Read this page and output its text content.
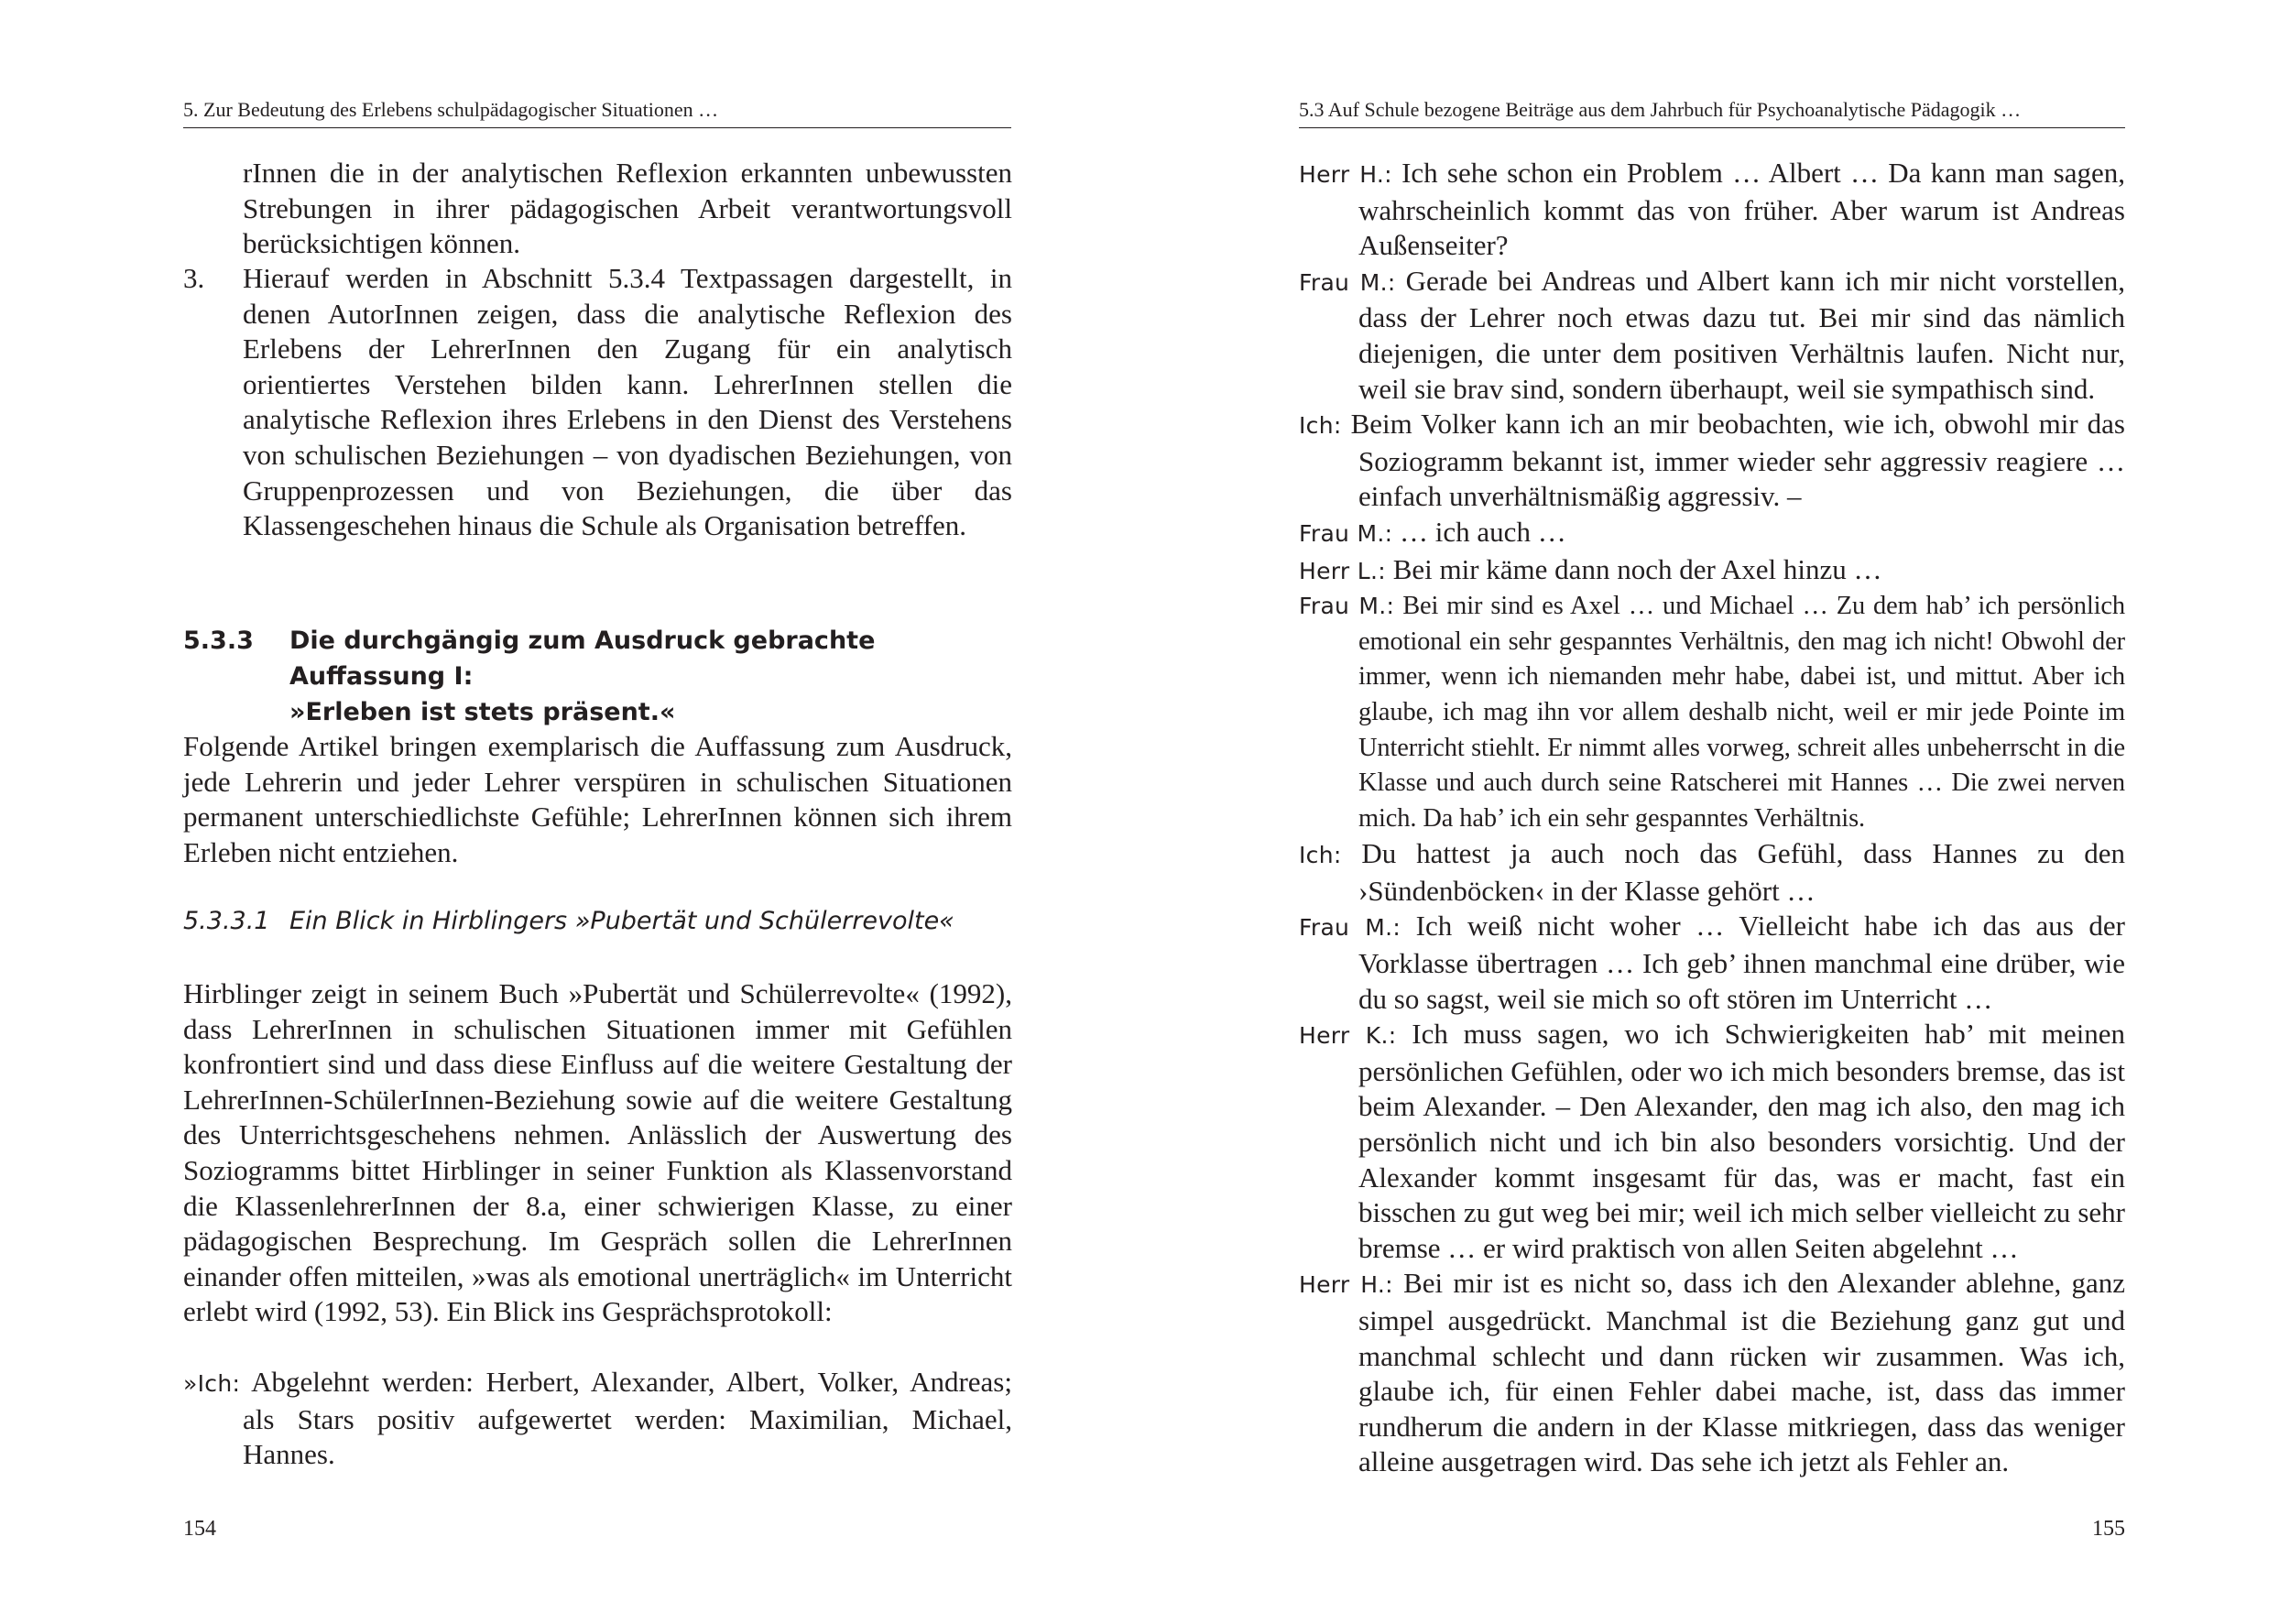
5. Zur Bedeutung des Erlebens schulpädagogischer Situationen …

rInnen die in der analytischen Reflexion erkannten unbewussten Strebungen in ihrer pädagogischen Arbeit verantwortungsvoll berücksichtigen können.

3.	Hierauf werden in Abschnitt 5.3.4 Textpassagen dargestellt, in denen AutorInnen zeigen, dass die analytische Reflexion des Erlebens der LehrerInnen den Zugang für ein analytisch orientiertes Verstehen bilden kann. LehrerInnen stellen die analytische Reflexion ihres Erlebens in den Dienst des Verstehens von schulischen Beziehungen – von dyadischen Beziehungen, von Gruppenprozessen und von Beziehungen, die über das Klassengeschehen hinaus die Schule als Organisation betreffen.

5.3.3 Die durchgängig zum Ausdruck gebrachte Auffassung I:
»Erleben ist stets präsent.«

Folgende Artikel bringen exemplarisch die Auffassung zum Ausdruck, jede Lehrerin und jeder Lehrer verspüren in schulischen Situationen permanent unterschiedlichste Gefühle; LehrerInnen können sich ihrem Erleben nicht entziehen.

5.3.3.1 Ein Blick in Hirblingers »Pubertät und Schülerrevolte«

Hirblinger zeigt in seinem Buch »Pubertät und Schülerrevolte« (1992), dass LehrerInnen in schulischen Situationen immer mit Gefühlen konfrontiert sind und dass diese Einfluss auf die weitere Gestaltung der LehrerInnen-SchülerInnen-Beziehung sowie auf die weitere Gestaltung des Unterrichtsgeschehens nehmen. Anlässlich der Auswertung des Soziogramms bittet Hirblinger in seiner Funktion als Klassenvorstand die KlassenlehrerInnen der 8.a, einer schwierigen Klasse, zu einer pädagogischen Besprechung. Im Gespräch sollen die LehrerInnen einander offen mitteilen, »was als emotional unerträglich« im Unterricht erlebt wird (1992, 53). Ein Blick ins Gesprächsprotokoll:

»Ich: Abgelehnt werden: Herbert, Alexander, Albert, Volker, Andreas; als Stars positiv aufgewertet werden: Maximilian, Michael, Hannes.

154
5.3 Auf Schule bezogene Beiträge aus dem Jahrbuch für Psychoanalytische Pädagogik …

Herr H.: Ich sehe schon ein Problem … Albert … Da kann man sagen, wahrscheinlich kommt das von früher. Aber warum ist Andreas Außenseiter?

Frau M.: Gerade bei Andreas und Albert kann ich mir nicht vorstellen, dass der Lehrer noch etwas dazu tut. Bei mir sind das nämlich diejenigen, die unter dem positiven Verhältnis laufen. Nicht nur, weil sie brav sind, sondern überhaupt, weil sie sympathisch sind.

Ich: Beim Volker kann ich an mir beobachten, wie ich, obwohl mir das Soziogramm bekannt ist, immer wieder sehr aggressiv reagiere … einfach unverhältnismäßig aggressiv. –

Frau M.: … ich auch …

Herr L.: Bei mir käme dann noch der Axel hinzu …

Frau M.: Bei mir sind es Axel … und Michael … Zu dem hab’ ich persönlich emotional ein sehr gespanntes Verhältnis, den mag ich nicht! Obwohl der immer, wenn ich niemanden mehr habe, dabei ist, und mittut. Aber ich glaube, ich mag ihn vor allem deshalb nicht, weil er mir jede Pointe im Unterricht stiehlt. Er nimmt alles vorweg, schreit alles unbeherrscht in die Klasse und auch durch seine Ratscherei mit Hannes … Die zwei nerven mich. Da hab’ ich ein sehr gespanntes Verhältnis.

Ich: Du hattest ja auch noch das Gefühl, dass Hannes zu den ›Sündenböcken‹ in der Klasse gehört …

Frau M.: Ich weiß nicht woher … Vielleicht habe ich das aus der Vorklasse übertragen … Ich geb’ ihnen manchmal eine drüber, wie du so sagst, weil sie mich so oft stören im Unterricht …

Herr K.: Ich muss sagen, wo ich Schwierigkeiten hab’ mit meinen persönlichen Gefühlen, oder wo ich mich besonders bremse, das ist beim Alexander. – Den Alexander, den mag ich also, den mag ich persönlich nicht und ich bin also besonders vorsichtig. Und der Alexander kommt insgesamt für das, was er macht, fast ein bisschen zu gut weg bei mir; weil ich mich selber vielleicht zu sehr bremse … er wird praktisch von allen Seiten abgelehnt …

Herr H.: Bei mir ist es nicht so, dass ich den Alexander ablehne, ganz simpel ausgedrückt. Manchmal ist die Beziehung ganz gut und manchmal schlecht und dann rücken wir zusammen. Was ich, glaube ich, für einen Fehler dabei mache, ist, dass das immer rundherum die andern in der Klasse mitkriegen, dass das weniger alleine ausgetragen wird. Das sehe ich jetzt als Fehler an.

155
